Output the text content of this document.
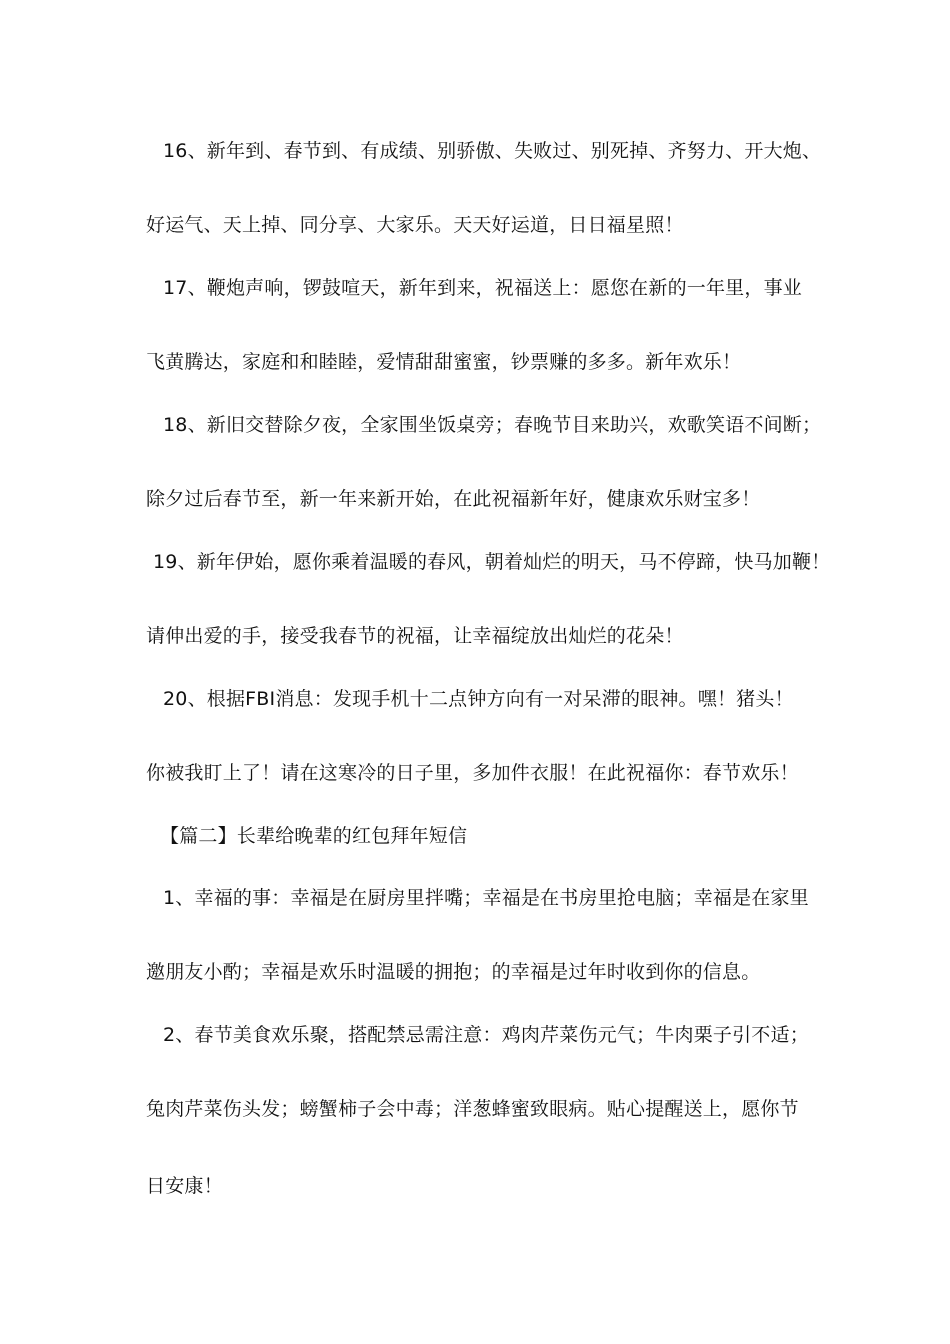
16、新年到、春节到、有成绩、别骄傲、失败过、别死掉、齐努力、开大炮、
好运气、天上掉、同分享、大家乐。天天好运道，日日福星照！
17、鞭炮声响，锣鼓喧天，新年到来，祝福送上：愿您在新的一年里，事业
飞黄腾达，家庭和和睦睦，爱情甜甜蜜蜜，钞票赚的多多。新年欢乐！
18、新旧交替除夕夜，全家围坐饭桌旁；春晚节目来助兴，欢歌笑语不间断；
除夕过后春节至，新一年来新开始，在此祝福新年好，健康欢乐财宝多！
19、新年伊始，愿你乘着温暖的春风，朝着灿烂的明天，马不停蹄，快马加鞭！
请伸出爱的手，接受我春节的祝福，让幸福绽放出灿烂的花朵！
20、根据FBI消息：发现手机十二点钟方向有一对呆滞的眼神。嘿！猪头！
你被我盯上了！请在这寒冷的日子里，多加件衣服！在此祝福你：春节欢乐！
【篇二】长辈给晚辈的红包拜年短信
1、幸福的事：幸福是在厨房里拌嘴；幸福是在书房里抢电脑；幸福是在家里
邀朋友小酌；幸福是欢乐时温暖的拥抱；的幸福是过年时收到你的信息。
2、春节美食欢乐聚，搭配禁忌需注意：鸡肉芹菜伤元气；牛肉栗子引不适；
兔肉芹菜伤头发；螃蟹柿子会中毒；洋葱蜂蜜致眼病。贴心提醒送上，愿你节
日安康！
